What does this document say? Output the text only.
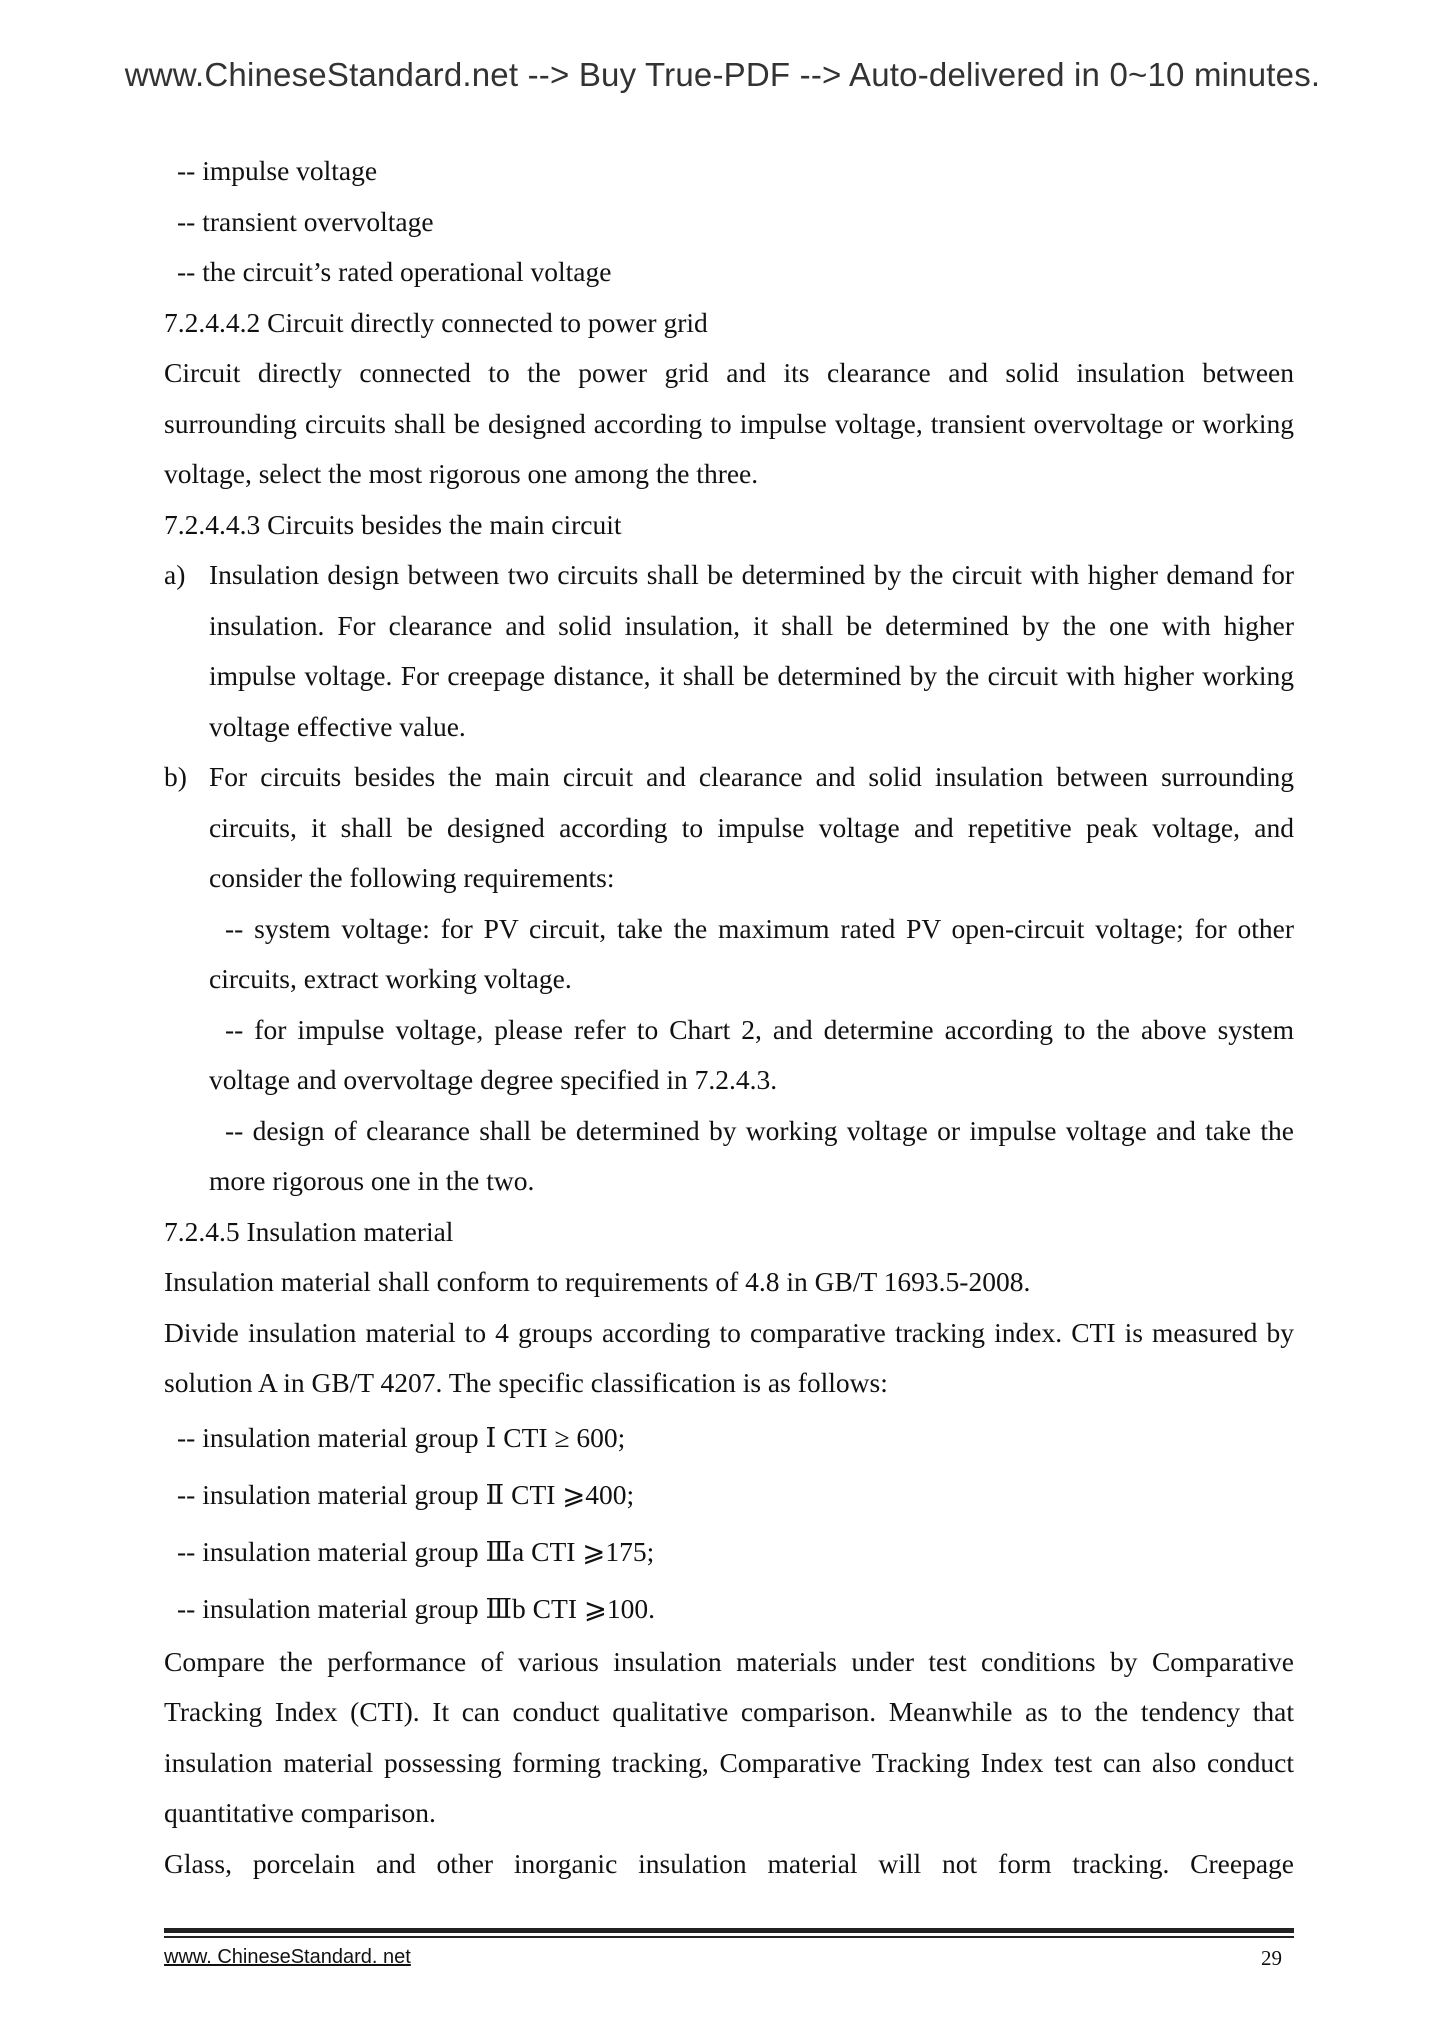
www.ChineseStandard.net --> Buy True-PDF --> Auto-delivered in 0~10 minutes.
-- impulse voltage
-- transient overvoltage
-- the circuit’s rated operational voltage
7.2.4.4.2 Circuit directly connected to power grid
Circuit directly connected to the power grid and its clearance and solid insulation between surrounding circuits shall be designed according to impulse voltage, transient overvoltage or working voltage, select the most rigorous one among the three.
7.2.4.4.3 Circuits besides the main circuit
a) Insulation design between two circuits shall be determined by the circuit with higher demand for insulation. For clearance and solid insulation, it shall be determined by the one with higher impulse voltage. For creepage distance, it shall be determined by the circuit with higher working voltage effective value.
b) For circuits besides the main circuit and clearance and solid insulation between surrounding circuits, it shall be designed according to impulse voltage and repetitive peak voltage, and consider the following requirements:
-- system voltage: for PV circuit, take the maximum rated PV open-circuit voltage; for other circuits, extract working voltage.
-- for impulse voltage, please refer to Chart 2, and determine according to the above system voltage and overvoltage degree specified in 7.2.4.3.
-- design of clearance shall be determined by working voltage or impulse voltage and take the more rigorous one in the two.
7.2.4.5 Insulation material
Insulation material shall conform to requirements of 4.8 in GB/T 1693.5-2008.
Divide insulation material to 4 groups according to comparative tracking index. CTI is measured by solution A in GB/T 4207. The specific classification is as follows:
-- insulation material group Ⅰ CTI ≥ 600;
-- insulation material group Ⅱ CTI ⩾400;
-- insulation material group Ⅲa CTI ⩾175;
-- insulation material group Ⅲb CTI ⩾100.
Compare the performance of various insulation materials under test conditions by Comparative Tracking Index (CTI). It can conduct qualitative comparison. Meanwhile as to the tendency that insulation material possessing forming tracking, Comparative Tracking Index test can also conduct quantitative comparison.
Glass, porcelain and other inorganic insulation material will not form tracking. Creepage
www. ChineseStandard. net	29
